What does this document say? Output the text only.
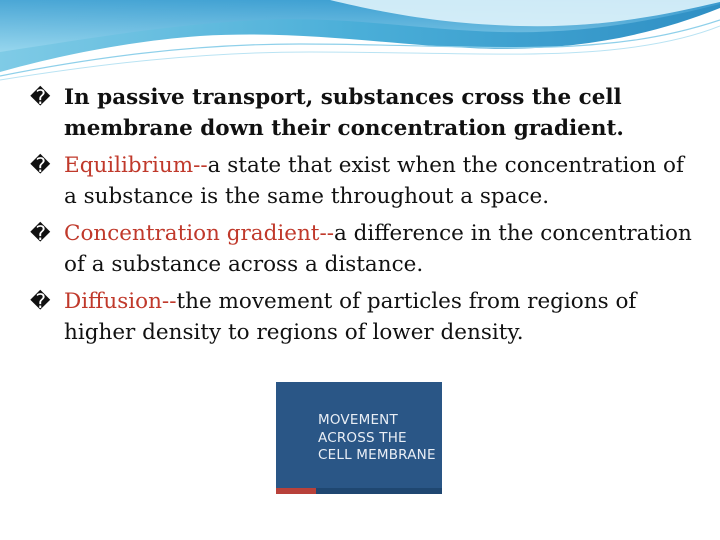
� In passive transport, substances cross the cell membrane down their concentration gradient.
� Equilibrium--a state that exist when the concentration of a substance is the same throughout a space.
� Concentration gradient--a difference in the concentration of a substance across a distance.
� Diffusion--the movement of particles from regions of higher density to regions of lower density.
MOVEMENT ACROSS THE CELL MEMBRANE
